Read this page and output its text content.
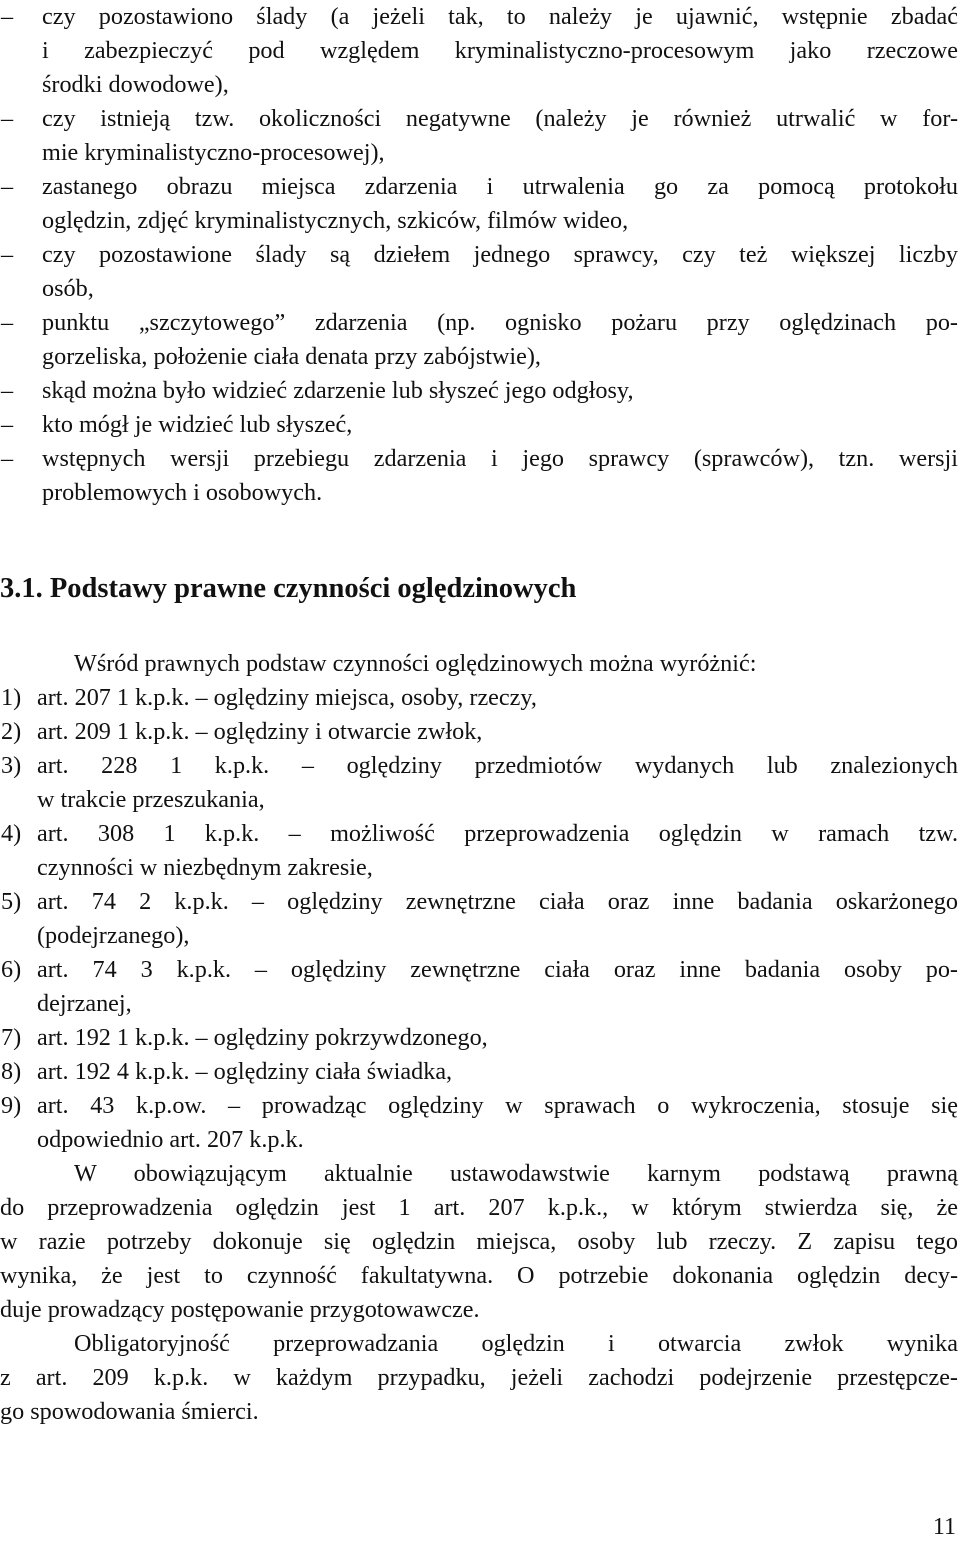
–	czy pozostawiono ślady (a jeżeli tak, to należy je ujawnić, wstępnie zbadać
i zabezpieczyć pod względem kryminalistyczno-procesowym jako rzeczowe
środki dowodowe),
–	czy istnieją tzw. okoliczności negatywne (należy je również utrwalić w for-
mie kryminalistyczno-procesowej),
–	zastanego obrazu miejsca zdarzenia i utrwalenia go za pomocą protokołu
oględzin, zdjęć kryminalistycznych, szkiców, filmów wideo,
–	czy pozostawione ślady są dziełem jednego sprawcy, czy też większej liczby
osób,
–	punktu „szczytowego” zdarzenia (np. ognisko pożaru przy oględzinach po-
gorzeliska, położenie ciała denata przy zabójstwie),
–	skąd można było widzieć zdarzenie lub słyszeć jego odgłosy,
–	kto mógł je widzieć lub słyszeć,
–	wstępnych wersji przebiegu zdarzenia i jego sprawcy (sprawców), tzn. wersji
problemowych i osobowych.
3.1. Podstawy prawne czynności oględzinowych
Wśród prawnych podstaw czynności oględzinowych można wyróżnić:
1) art. 207 1 k.p.k. – oględziny miejsca, osoby, rzeczy,
2) art. 209 1 k.p.k. – oględziny i otwarcie zwłok,
3) art. 228 1 k.p.k. – oględziny przedmiotów wydanych lub znalezionych
w trakcie przeszukania,
4) art. 308 1 k.p.k. – możliwość przeprowadzenia oględzin w ramach tzw.
czynności w niezbędnym zakresie,
5) art. 74 2 k.p.k. – oględziny zewnętrzne ciała oraz inne badania oskarżonego
(podejrzanego),
6) art. 74 3 k.p.k. – oględziny zewnętrzne ciała oraz inne badania osoby po-
dejrzanej,
7) art. 192 1 k.p.k. – oględziny pokrzywdzonego,
8) art. 192 4 k.p.k. – oględziny ciała świadka,
9) art. 43 k.p.ow. – prowadząc oględziny w sprawach o wykroczenia, stosuje się
odpowiednio art. 207 k.p.k.
W obowiązującym aktualnie ustawodawstwie karnym podstawą prawną
do przeprowadzenia oględzin jest 1 art. 207 k.p.k., w którym stwierdza się, że
w razie potrzeby dokonuje się oględzin miejsca, osoby lub rzeczy. Z zapisu tego
wynika, że jest to czynność fakultatywna. O potrzebie dokonania oględzin decy-
duje prowadzący postępowanie przygotowawcze.
Obligatoryjność przeprowadzania oględzin i otwarcia zwłok wynika
z art. 209 k.p.k. w każdym przypadku, jeżeli zachodzi podejrzenie przestępcze-
go spowodowania śmierci.
11
